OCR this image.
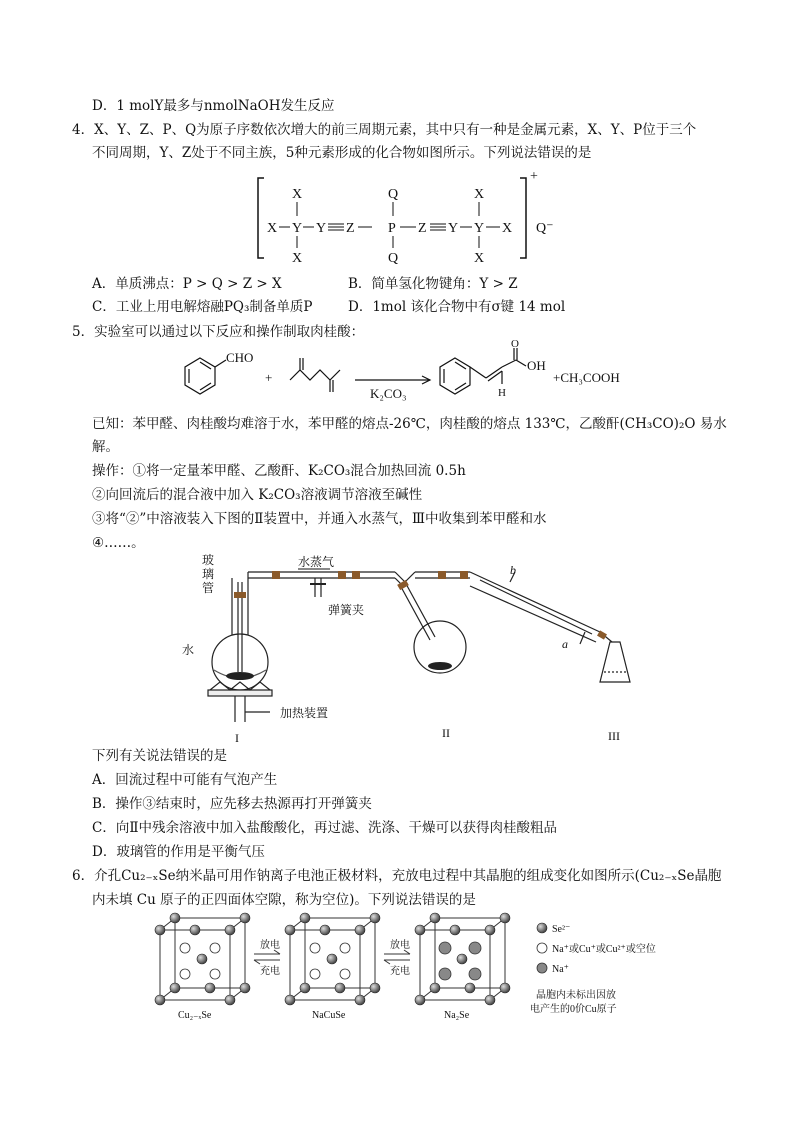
D．1 molY最多与nmolNaOH发生反应
4．X、Y、Z、P、Q为原子序数依次增大的前三周期元素，其中只有一种是金属元素，X、Y、P位于三个
不同周期，Y、Z处于不同主族，5种元素形成的化合物如图所示。下列说法错误的是
+
Q⁻
X Y Y Z P Z Y Y X
X
X
Q
Q
X
X
A．单质沸点：P > Q > Z > X	B．简单氢化物键角：Y > Z
C．工业上用电解熔融PQ₃制备单质P	D．1mol 该化合物中有σ键 14 mol
5．实验室可以通过以下反应和操作制取肉桂酸：
CHO
+
K₂CO₃
O
OH
H
+CH₃COOH
已知：苯甲醛、肉桂酸均难溶于水，苯甲醛的熔点-26℃，肉桂酸的熔点 133℃，乙酸酐(CH₃CO)₂O 易水
解。
操作：①将一定量苯甲醛、乙酸酐、K₂CO₃混合加热回流 0.5h
②向回流后的混合液中加入 K₂CO₃溶液调节溶液至碱性
③将“②”中溶液装入下图的Ⅱ装置中，并通入水蒸气，Ⅲ中收集到苯甲醛和水
④……。
玻
璃
管
水蒸气
弹簧夹
水
加热装置
b
a
I	II	III
下列有关说法错误的是
A．回流过程中可能有气泡产生
B．操作③结束时，应先移去热源再打开弹簧夹
C．向Ⅱ中残余溶液中加入盐酸酸化，再过滤、洗涤、干燥可以获得肉桂酸粗品
D．玻璃管的作用是平衡气压
6．介孔Cu₂₋ₓSe纳米晶可用作钠离子电池正极材料，充放电过程中其晶胞的组成变化如图所示(Cu₂₋ₓSe晶胞
内未填 Cu 原子的正四面体空隙，称为空位)。下列说法错误的是
放电
充电
放电
充电
Cu₂₋ₓSe	NaCuSe	Na₂Se
Se²⁻
Na⁺或Cu⁺或Cu²⁺或空位
Na⁺
晶胞内未标出因放
电产生的0价Cu原子
